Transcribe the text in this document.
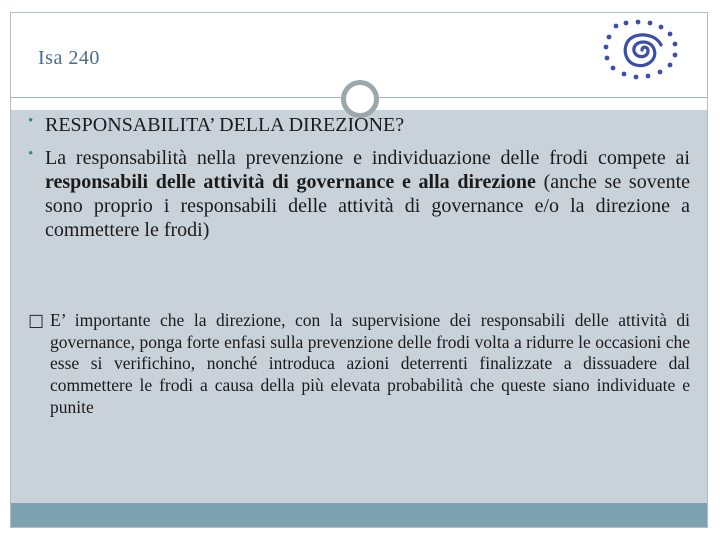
Isa 240
• RESPONSABILITA’ DELLA DIREZIONE?
• La responsabilità nella prevenzione e individuazione delle frodi compete ai responsabili delle attività di governance e alla direzione (anche se sovente sono proprio i responsabili delle attività di governance e/o la direzione a commettere le frodi)
☐ E’ importante che la direzione, con la supervisione dei responsabili delle attività di governance, ponga forte enfasi sulla prevenzione delle frodi volta a ridurre le occasioni che esse si verifichino, nonché introduca azioni deterrenti finalizzate a dissuadere dal commettere le frodi a causa della più elevata probabilità che queste siano individuate e punite
